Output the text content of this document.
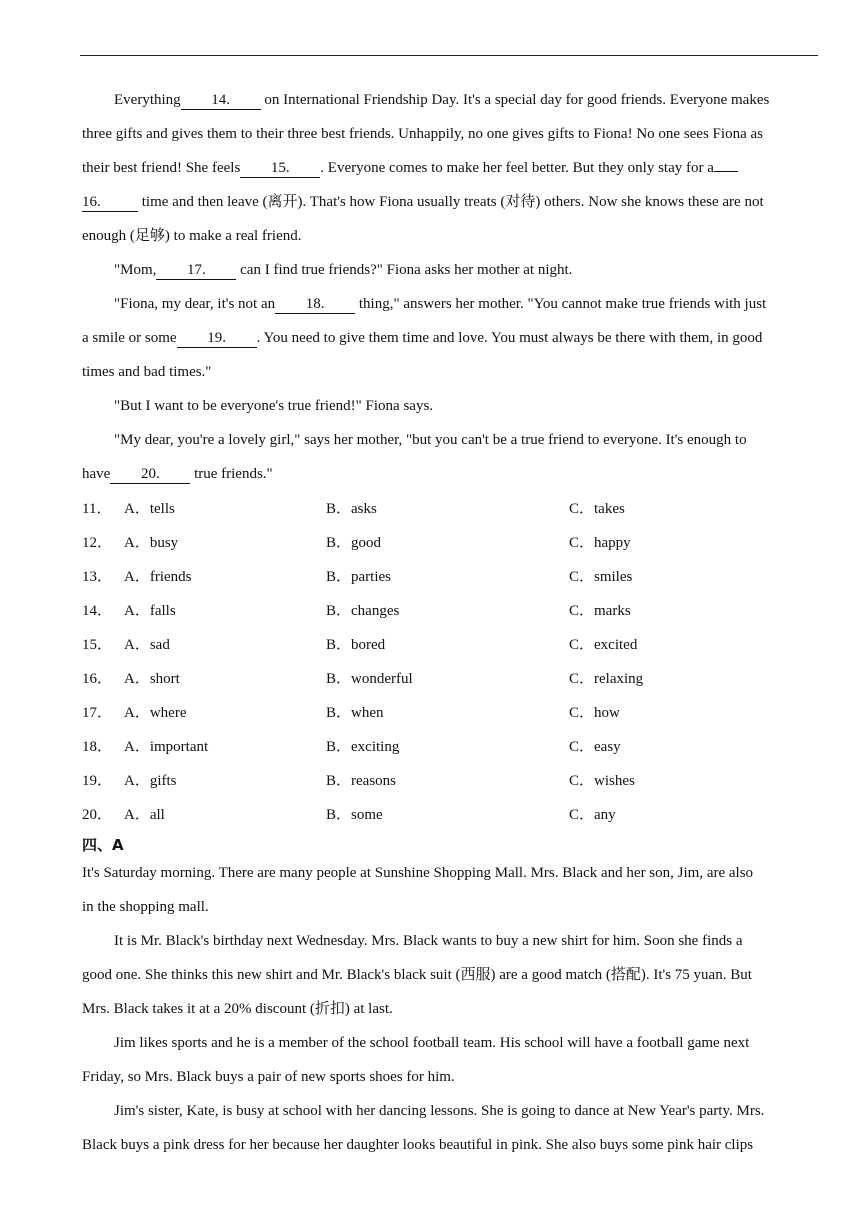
Everything 14. on International Friendship Day. It's a special day for good friends. Everyone makes
three gifts and gives them to their three best friends. Unhappily, no one gives gifts to Fiona! No one sees Fiona as
their best friend! She feels 15. . Everyone comes to make her feel better. But they only stay for a
16. time and then leave (离开). That's how Fiona usually treats (对待) others. Now she knows these are not
enough (足够) to make a real friend.
"Mom, 17. can I find true friends?" Fiona asks her mother at night.
"Fiona, my dear, it's not an 18. thing," answers her mother. "You cannot make true friends with just
a smile or some 19. . You need to give them time and love. You must always be there with them, in good
times and bad times."
"But I want to be everyone's true friend!" Fiona says.
"My dear, you're a lovely girl," says her mother, "but you can't be a true friend to everyone. It's enough to
have 20. true friends."
11． A．tells	B．asks	C．takes
12． A．busy	B．good	C．happy
13． A．friends	B．parties	C．smiles
14． A．falls	B．changes	C．marks
15． A．sad	B．bored	C．excited
16． A．short	B．wonderful	C．relaxing
17． A．where	B．when	C．how
18． A．important	B．exciting	C．easy
19． A．gifts	B．reasons	C．wishes
20． A．all	B．some	C．any
四、A
It's Saturday morning. There are many people at Sunshine Shopping Mall. Mrs. Black and her son, Jim, are also
in the shopping mall.
It is Mr. Black's birthday next Wednesday. Mrs. Black wants to buy a new shirt for him. Soon she finds a
good one. She thinks this new shirt and Mr. Black's black suit (西服) are a good match (搭配). It's 75 yuan. But
Mrs. Black takes it at a 20% discount (折扣) at last.
Jim likes sports and he is a member of the school football team. His school will have a football game next
Friday, so Mrs. Black buys a pair of new sports shoes for him.
Jim's sister, Kate, is busy at school with her dancing lessons. She is going to dance at New Year's party. Mrs.
Black buys a pink dress for her because her daughter looks beautiful in pink. She also buys some pink hair clips
